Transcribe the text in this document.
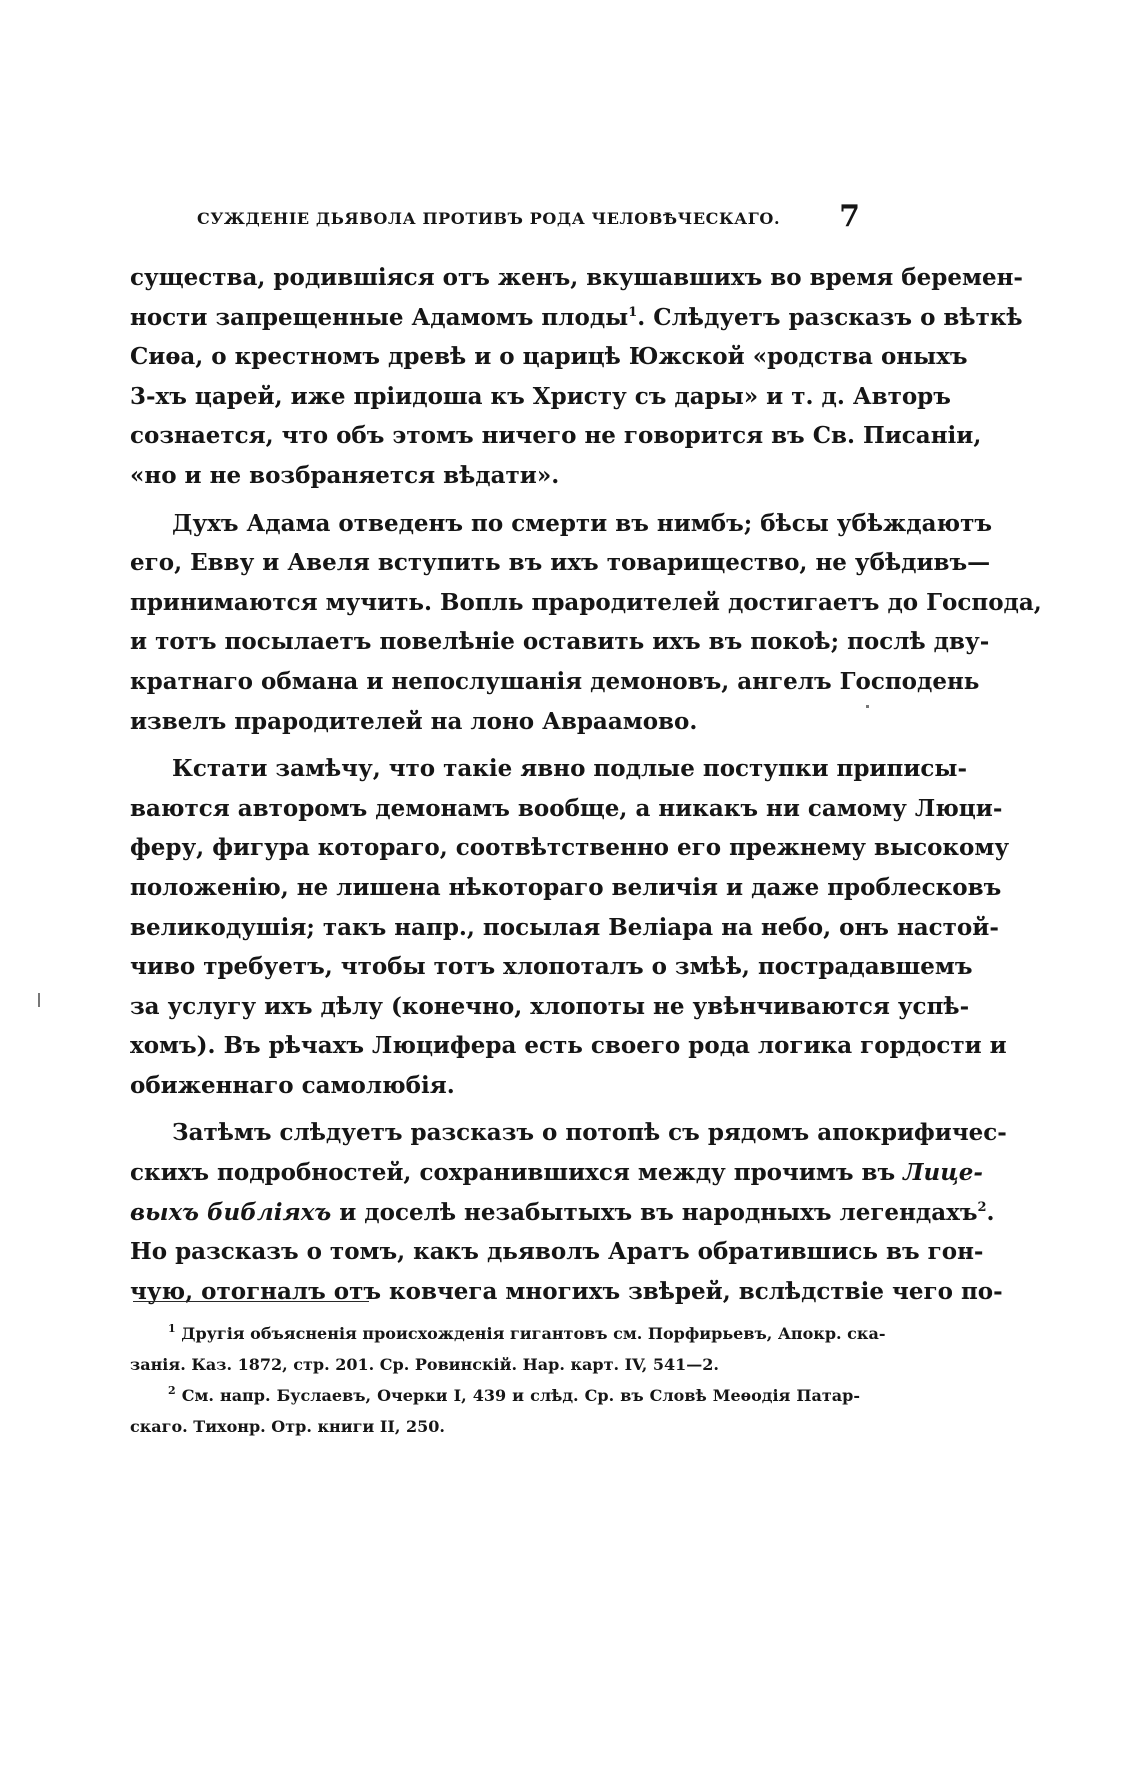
СУЖДЕНІЕ ДЬЯВОЛА ПРОТИВЪ РОДА ЧЕЛОВѢЧЕСКАГО. 7
существа, родившіяся отъ женъ, вкушавшихъ во время беремен-
ности запрещенные Адамомъ плоды$^1$. Слѣдуетъ разсказъ о вѣткѣ
Сиѳа, о крестномъ древѣ и о царицѣ Южской «родства оныхъ
3-хъ царей, иже пріидоша къ Христу съ дары» и т. д. Авторъ
сознается, что объ этомъ ничего не говорится въ Св. Писаніи,
«но и не возбраняется вѣдати».
Духъ Адама отведенъ по смерти въ нимбъ; бѣсы убѣждаютъ
его, Евву и Авеля вступить въ ихъ товарищество, не убѣдивъ—
принимаются мучить. Вопль прародителей достигаетъ до Господа,
и тотъ посылаетъ повелѣніе оставить ихъ въ покоѣ; послѣ дву-
кратнаго обмана и непослушанія демоновъ, ангелъ Господень
извелъ прародителей на лоно Авраамово.
Кстати замѣчу, что такіе явно подлые поступки приписы-
ваются авторомъ демонамъ вообще, а никакъ ни самому Люци-
феру, фигура котораго, соотвѣтственно его прежнему высокому
положенію, не лишена нѣкотораго величія и даже проблесковъ
великодушія; такъ напр., посылая Веліара на небо, онъ настой-
чиво требуетъ, чтобы тотъ хлопоталъ о змѣѣ, пострадавшемъ
за услугу ихъ дѣлу (конечно, хлопоты не увѣнчиваются успѣ-
хомъ). Въ рѣчахъ Люцифера есть своего рода логика гордости и
обиженнаго самолюбія.
Затѣмъ слѣдуетъ разсказъ о потопѣ съ рядомъ апокрифичес-
скихъ подробностей, сохранившихся между прочимъ въ Лице-
выхъ библіяхъ и доселѣ незабытыхъ въ народныхъ легендахъ$^2$.
Но разсказъ о томъ, какъ дьяволъ Аратъ обратившись въ гон-
чую, отогналъ отъ ковчега многихъ звѣрей, вслѣдствіе чего по-
$^1$ Другія объясненія происхожденія гигантовъ см. Порфирьевъ, Апокр. ска-
занія. Каз. 1872, стр. 201. Ср. Ровинскій. Нар. карт. IV, 541—2.
$^2$ См. напр. Буслаевъ, Очерки I, 439 и слѣд. Ср. въ Словѣ Меѳодія Патар-
скаго. Тихонр. Отр. книги II, 250.
